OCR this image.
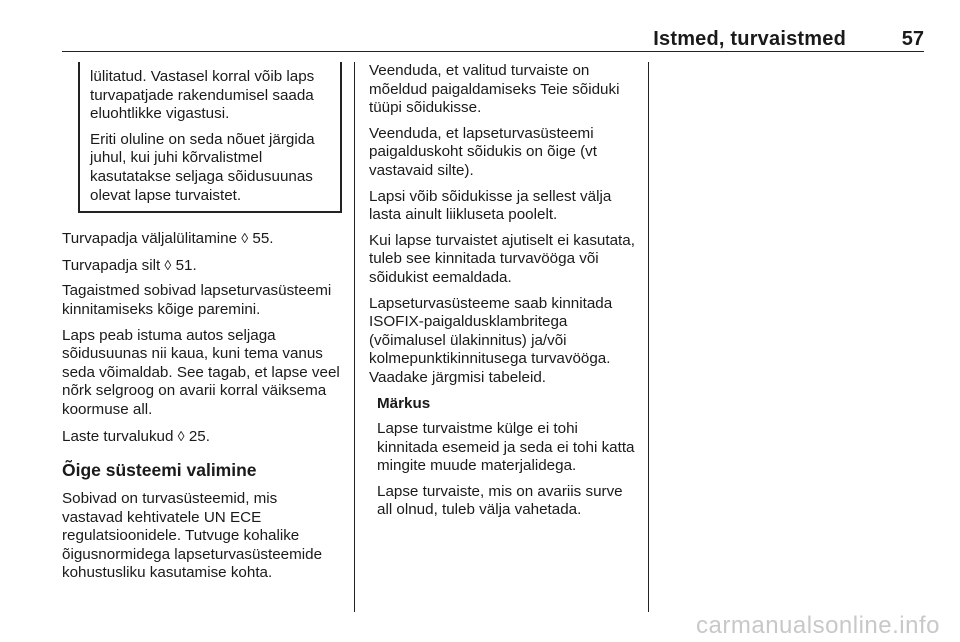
Istmed, turvaistmed	57

lülitatud. Vastasel korral võib laps turvapatjade rakendumisel saada eluohtlikke vigastusi.

Eriti oluline on seda nõuet järgida juhul, kui juhi kõrvalistmel kasutatakse seljaga sõidusuunas olevat lapse turvaistet.

Turvapadja väljalülitamine ◊ 55.

Turvapadja silt ◊ 51.

Tagaistmed sobivad lapseturvasüsteemi kinnitamiseks kõige paremini.

Laps peab istuma autos seljaga sõidusuunas nii kaua, kuni tema vanus seda võimaldab. See tagab, et lapse veel nõrk selgroog on avarii korral väiksema koormuse all.

Laste turvalukud ◊ 25.

Õige süsteemi valimine

Sobivad on turvasüsteemid, mis vastavad kehtivatele UN ECE regulatsioonidele. Tutvuge kohalike õigusnormidega lapseturvasüsteemide kohustusliku kasutamise kohta.

Veenduda, et valitud turvaiste on mõeldud paigaldamiseks Teie sõiduki tüüpi sõidukisse.

Veenduda, et lapseturvasüsteemi paigalduskoht sõidukis on õige (vt vastavaid silte).

Lapsi võib sõidukisse ja sellest välja lasta ainult liikluseta poolelt.

Kui lapse turvaistet ajutiselt ei kasutata, tuleb see kinnitada turvavööga või sõidukist eemaldada.

Lapseturvasüsteeme saab kinnitada ISOFIX-paigaldusklambritega (võimalusel ülakinnitus) ja/või kolmepunktikinnitusega turvavööga. Vaadake järgmisi tabeleid.

Märkus

Lapse turvaistme külge ei tohi kinnitada esemeid ja seda ei tohi katta mingite muude materjalidega.

Lapse turvaiste, mis on avariis surve all olnud, tuleb välja vahetada.

carmanualsonline.info
